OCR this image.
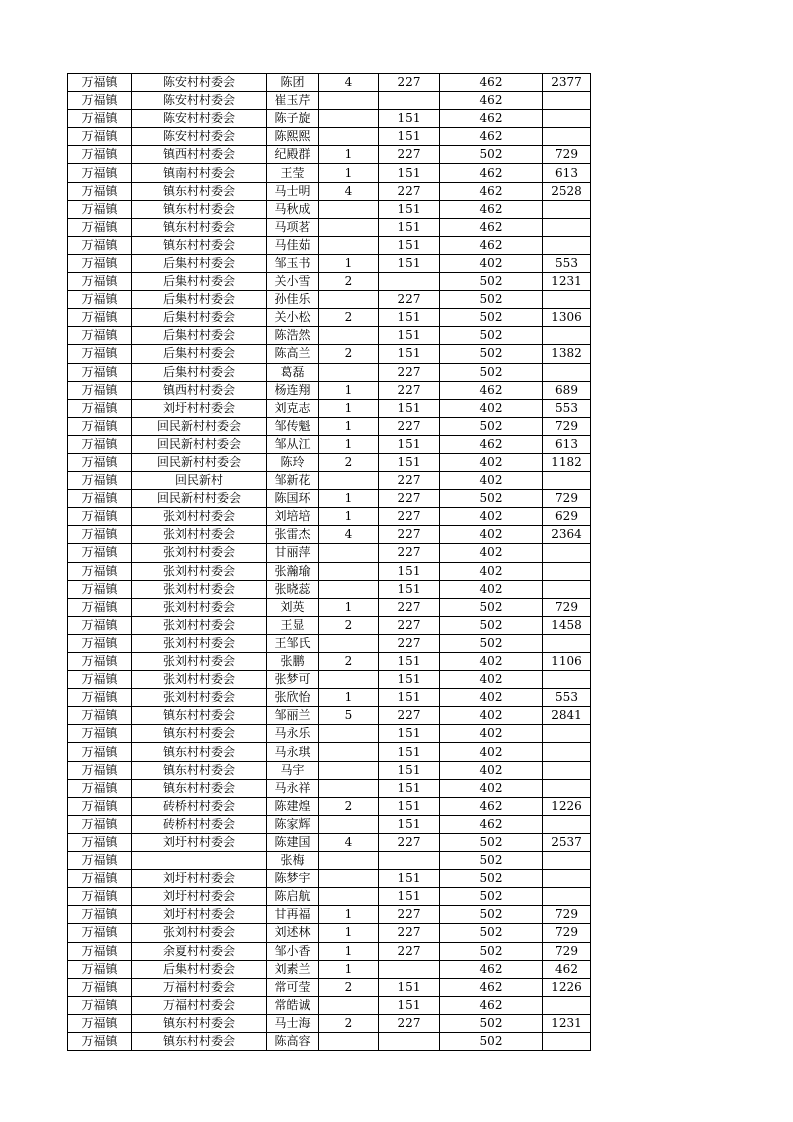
万福镇	陈安村村委会	陈团	4	227	462	2377
万福镇	陈安村村委会	崔玉芹			462	
万福镇	陈安村村委会	陈子旋		151	462	
万福镇	陈安村村委会	陈熙熙		151	462	
万福镇	镇西村村委会	纪殿群	1	227	502	729
万福镇	镇南村村委会	王莹	1	151	462	613
万福镇	镇东村村委会	马士明	4	227	462	2528
万福镇	镇东村村委会	马秋成		151	462	
万福镇	镇东村村委会	马项茗		151	462	
万福镇	镇东村村委会	马佳茹		151	462	
万福镇	后集村村委会	邹玉书	1	151	402	553
万福镇	后集村村委会	关小雪	2		502	1231
万福镇	后集村村委会	孙佳乐		227	502	
万福镇	后集村村委会	关小松	2	151	502	1306
万福镇	后集村村委会	陈浩然		151	502	
万福镇	后集村村委会	陈高兰	2	151	502	1382
万福镇	后集村村委会	葛磊		227	502	
万福镇	镇西村村委会	杨连翔	1	227	462	689
万福镇	刘圩村村委会	刘克志	1	151	402	553
万福镇	回民新村村委会	邹传魁	1	227	502	729
万福镇	回民新村村委会	邹从江	1	151	462	613
万福镇	回民新村村委会	陈玲	2	151	402	1182
万福镇	回民新村	邹新花		227	402	
万福镇	回民新村村委会	陈国环	1	227	502	729
万福镇	张刘村村委会	刘培培	1	227	402	629
万福镇	张刘村村委会	张雷杰	4	227	402	2364
万福镇	张刘村村委会	甘丽萍		227	402	
万福镇	张刘村村委会	张瀚瑜		151	402	
万福镇	张刘村村委会	张晓蕊		151	402	
万福镇	张刘村村委会	刘英	1	227	502	729
万福镇	张刘村村委会	王显	2	227	502	1458
万福镇	张刘村村委会	王邹氏		227	502	
万福镇	张刘村村委会	张鹏	2	151	402	1106
万福镇	张刘村村委会	张梦可		151	402	
万福镇	张刘村村委会	张欣怡	1	151	402	553
万福镇	镇东村村委会	邹丽兰	5	227	402	2841
万福镇	镇东村村委会	马永乐		151	402	
万福镇	镇东村村委会	马永琪		151	402	
万福镇	镇东村村委会	马宇		151	402	
万福镇	镇东村村委会	马永祥		151	402	
万福镇	砖桥村村委会	陈建煌	2	151	462	1226
万福镇	砖桥村村委会	陈家辉		151	462	
万福镇	刘圩村村委会	陈建国	4	227	502	2537
万福镇		张梅			502	
万福镇	刘圩村村委会	陈梦宇		151	502	
万福镇	刘圩村村委会	陈启航		151	502	
万福镇	刘圩村村委会	甘再福	1	227	502	729
万福镇	张刘村村委会	刘述林	1	227	502	729
万福镇	余夏村村委会	邹小香	1	227	502	729
万福镇	后集村村委会	刘素兰	1		462	462
万福镇	万福村村委会	常可莹	2	151	462	1226
万福镇	万福村村委会	常皓诚		151	462	
万福镇	镇东村村委会	马士海	2	227	502	1231
万福镇	镇东村村委会	陈高容			502	
